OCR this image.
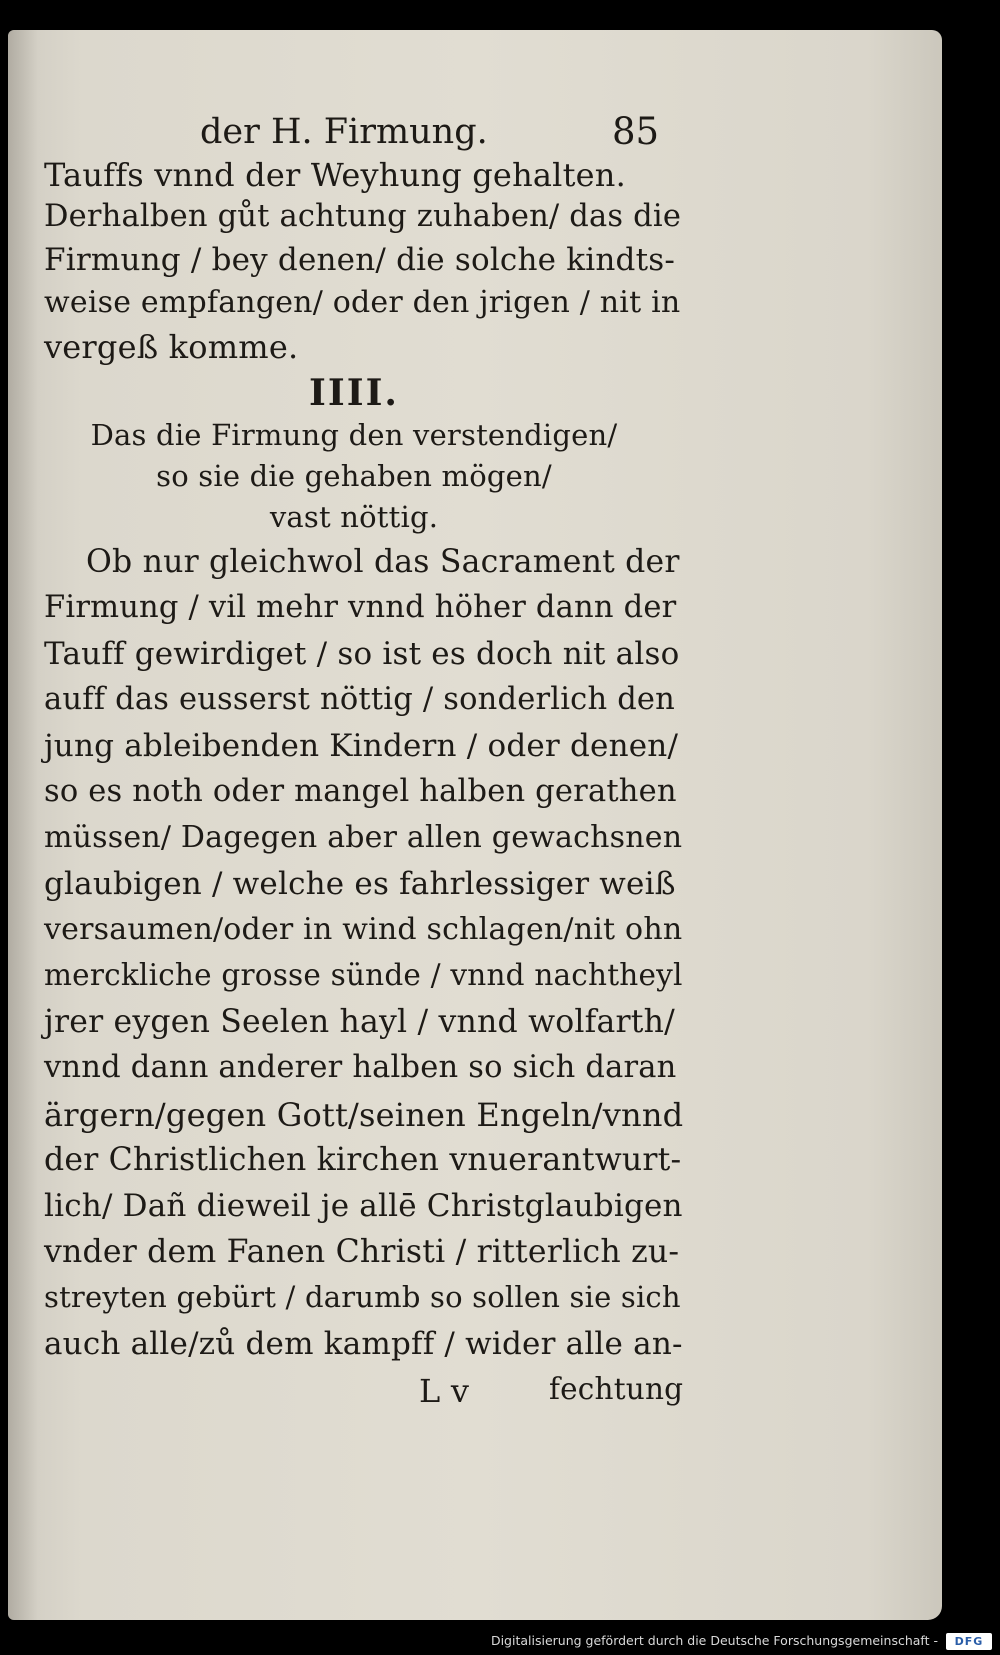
der H. Firmung.	85
Tauffs vnnd der Weyhung gehalten.
Derhalben gůt achtung zuhaben/ das die
Firmung / bey denen/ die solche kindts-
weise empfangen/ oder den jrigen / nit in
vergeß komme.
IIII.
Das die Firmung den verstendigen/
so sie die gehaben mögen/
vast nöttig.
Ob nur gleichwol das Sacrament der
Firmung / vil mehr vnnd höher dann der
Tauff gewirdiget / so ist es doch nit also
auff das eusserst nöttig / sonderlich den
jung ableibenden Kindern / oder denen/
so es noth oder mangel halben gerathen
müssen/ Dagegen aber allen gewachsnen
glaubigen / welche es fahrlessiger weiß
versaumen/oder in wind schlagen/nit ohn
merckliche grosse sünde / vnnd nachtheyl
jrer eygen Seelen hayl / vnnd wolfarth/
vnnd dann anderer halben so sich daran
ärgern/gegen Gott/seinen Engeln/vnnd
der Christlichen kirchen vnuerantwurt-
lich/ Dañ dieweil je allē Christglaubigen
vnder dem Fanen Christi / ritterlich zu-
streyten gebürt / darumb so sollen sie sich
auch alle/zů dem kampff / wider alle an-
L v	fechtung
Digitalisierung gefördert durch die Deutsche Forschungsgemeinschaft -	DFG
